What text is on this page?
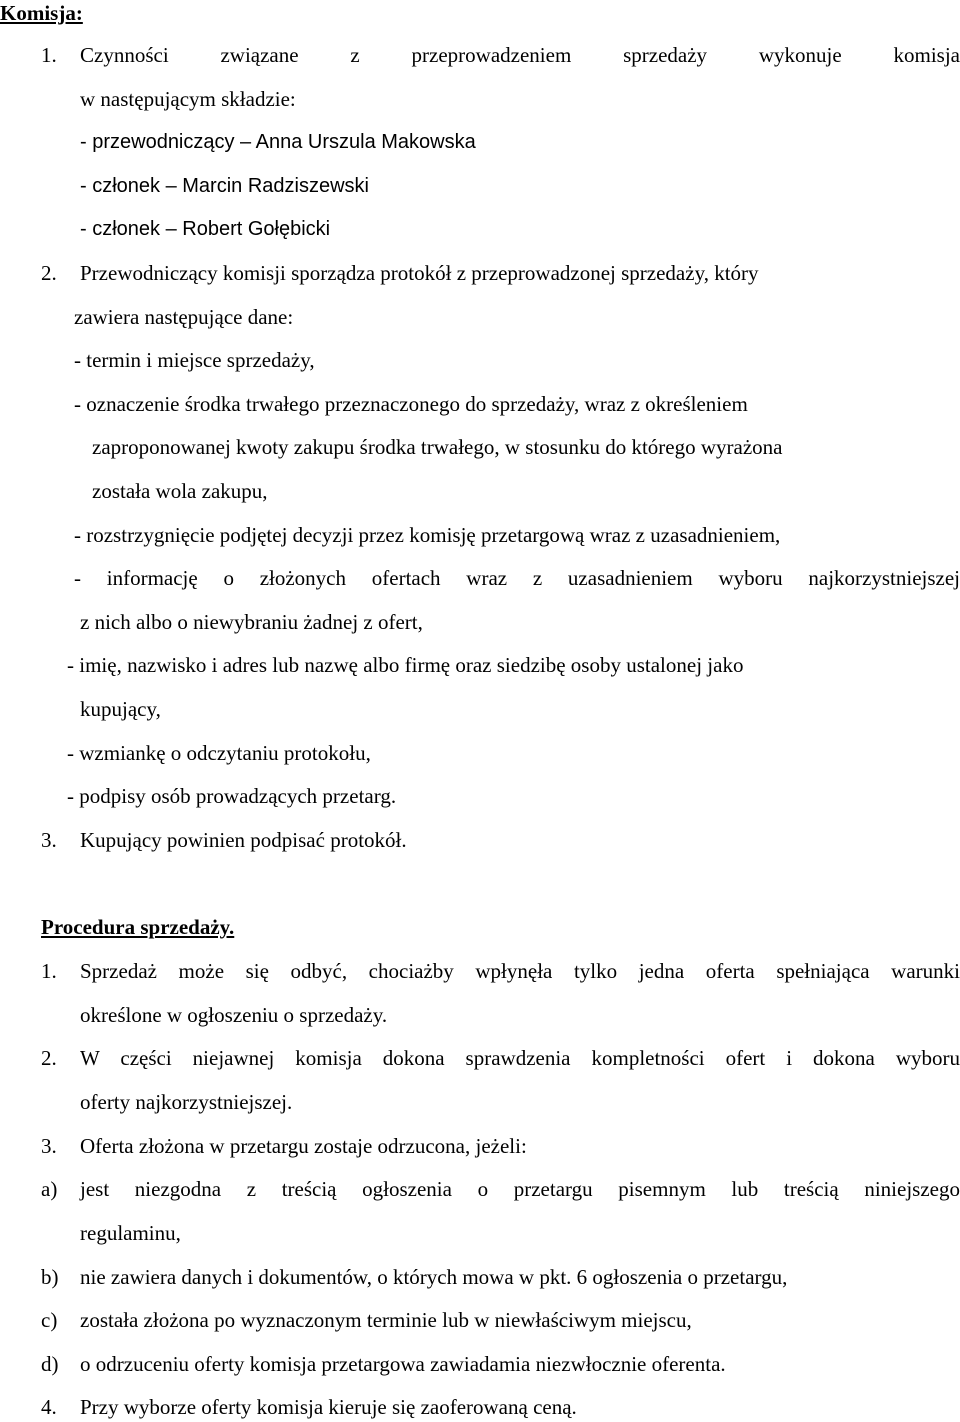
Komisja:
1. Czynności związane z przeprowadzeniem sprzedaży wykonuje komisja
w następującym składzie:
- przewodniczący – Anna Urszula Makowska
- członek – Marcin Radziszewski
- członek – Robert Gołębicki
2. Przewodniczący komisji sporządza protokół z przeprowadzonej sprzedaży, który
zawiera następujące dane:
- termin i miejsce sprzedaży,
- oznaczenie środka trwałego przeznaczonego do sprzedaży, wraz z określeniem
zaproponowanej kwoty zakupu środka trwałego, w stosunku do którego wyrażona
została wola zakupu,
- rozstrzygnięcie podjętej decyzji przez komisję przetargową wraz z uzasadnieniem,
- informację o złożonych ofertach wraz z uzasadnieniem wyboru najkorzystniejszej
z nich albo o niewybraniu żadnej z ofert,
- imię, nazwisko i adres lub nazwę albo firmę oraz siedzibę osoby ustalonej jako
kupujący,
- wzmiankę o odczytaniu protokołu,
- podpisy osób prowadzących przetarg.
3. Kupujący powinien podpisać protokół.
Procedura sprzedaży.
1. Sprzedaż może się odbyć, chociażby wpłynęła tylko jedna oferta spełniająca warunki
określone w ogłoszeniu o sprzedaży.
2. W części niejawnej komisja dokona sprawdzenia kompletności ofert i dokona wyboru
oferty najkorzystniejszej.
3. Oferta złożona w przetargu zostaje odrzucona, jeżeli:
a) jest niezgodna z treścią ogłoszenia o przetargu pisemnym lub treścią niniejszego
regulaminu,
b) nie zawiera danych i dokumentów, o których mowa w pkt. 6 ogłoszenia o przetargu,
c) została złożona po wyznaczonym terminie lub w niewłaściwym miejscu,
d) o odrzuceniu oferty komisja przetargowa zawiadamia niezwłocznie oferenta.
4. Przy wyborze oferty komisja kieruje się zaoferowaną ceną.
